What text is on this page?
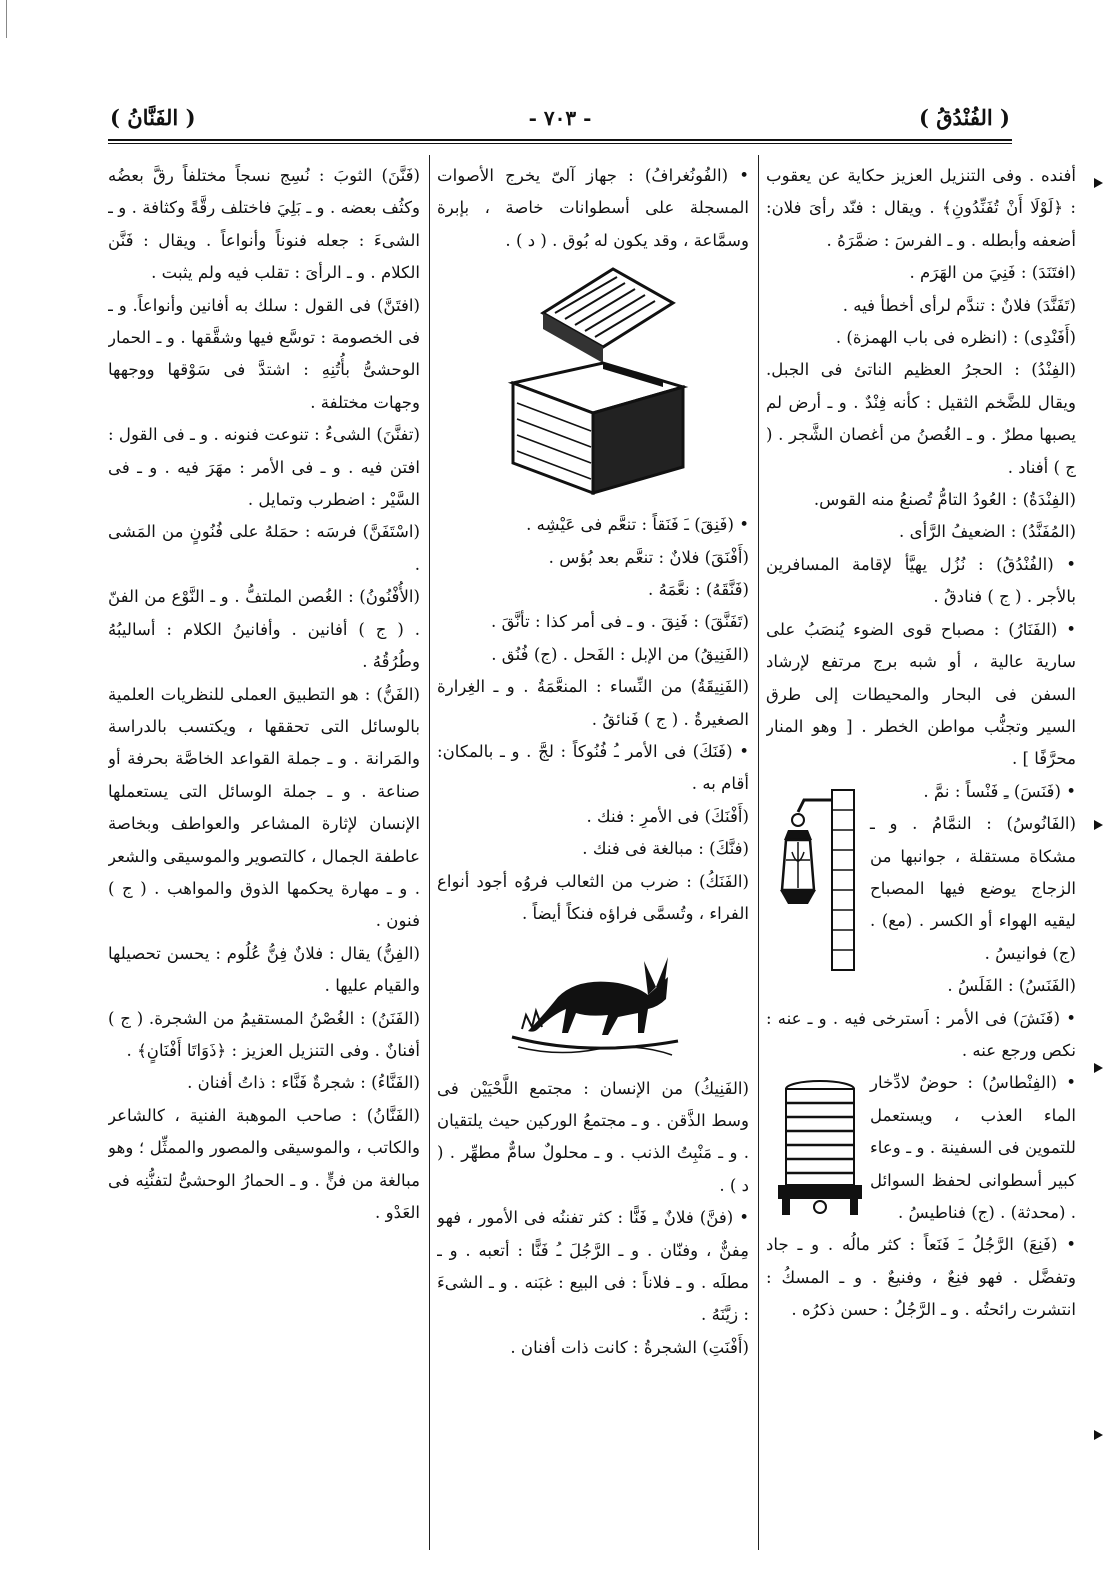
( الفُنْدُقُ )
- ٧٠٣ -
( الفَنَّانُ )

أفنده . وفى التنزيل العزيز حكاية عن يعقوب : ﴿لَوْلَا أَنْ تُفَنِّدُونِ﴾ . ويقال : فنّد رأىَ فلان: أضعفه وأبطله . و ـ الفرسَ : ضمَّرَهُ .

(افتَنَدَ) : فَنِيَ من الهَرَم .

(تَفَنَّدَ) فلانٌ : تندَّم لرأى أخطأ فيه .

(أَفَنْدِى) : (انظره فى باب الهمزة) .

(الفِنْدُ) : الحجرُ العظيم الناتئ فى الجبل. ويقال للضَّخم الثقيل : كأنه فِنْدٌ . و ـ أرض لم يصبها مطرٌ . و ـ الغُصنُ من أغصان الشَّجر . ( ج ) أفناد .

(الفِنْدَةُ) : العُودُ التامُّ تُصنعُ منه القوس.

(المُفَنَّدُ) : الضعيفُ الرَّأى .

• (الفُنْدُقُ) : نُزُل يهيَّأ لإقامة المسافرين بالأجر . ( ج ) فنادقُ .

• (الفَنَارُ) : مصباح قوى الضوء يُنصَبُ على سارية عالية ، أو شبه برج مرتفع لإرشاد السفن فى البحار والمحيطات إلى طرق السير وتجنُّب مواطن الخطر . [ وهو المنار محرَّفًا ] .

• (فَنَسَ) ـِ فَنْساً : نمَّ .

(الفَانُوسُ) : النمَّامُ . و ـ مشكاة مستقلة ، جوانبها من الزجاج يوضع فيها المصباح ليقيه الهواء أو الكسر . (مع) . (ج) فوانيسُ .

(الفَنَسُ) : الفَلَسُ .

• (فَنَشَ) فى الأمر : اَسترخى فيه . و ـ عنه : نكص ورجع عنه .

• (الفِنْطاسُ) : حوضٌ لادِّخار الماء العذب ، ويستعمل للتموين فى السفينة . و ـ وعاء كبير أسطوانى لحفظ السوائل . (محدثة) . (ج) فناطيسُ .

• (فَنِعَ) الرَّجُلُ ـَ فَنَعاً : كثر مالُه . و ـ جاد وتفضَّل . فهو فنِعٌ ، وفنيعٌ . و ـ المسكُ : انتشرت رائحتُه . و ـ الرَّجُلُ : حسن ذكرُه .

• (الفُونُغرافُ) : جهاز آلىّ يخرج الأصوات المسجلة على أسطوانات خاصة ، بإبرة وسمَّاعة ، وقد يكون له بُوق . ( د ) .

• (فَنِقَ) ـَ فَنَقاً : تنعَّم فى عَيْشِه .

(أَفْنَقَ) فلانٌ : تنعَّم بعد بُؤس .

(فَنَّقَهُ) : نعَّمَهُ .

(تَفَنَّقَ) : فَنِقَ . و ـ فى أمر كذا : تأنَّقَ .

(الفَنِيقُ) من الإبل : الفَحل . (ج) فُنُق .

(الفَنِيقَةُ) من النِّساء : المنعَّمَةُ . و ـ الغِرارة الصغيرةُ . ( ج ) فَنائقُ .

• (فَنَكَ) فى الأمر ـُ فُنُوكاً : لجَّ . و ـ بالمكان: أقام به .

(أَفْنَكَ) فى الأمرِ : فنك .

(فنَّكَ) : مبالغة فى فنك .

(الفَنَكُ) : ضرب من الثعالب فروُه أجود أنواع الفراء ، وتُسمَّى فراؤه فنكاً أيضاً .

(الفَنِيكُ) من الإنسان : مجتمع اللَّحْيَيْن فى وسط الذَّقن . و ـ مجتمعُ الوركين حيث يلتقيان . و ـ مَنْبِتُ الذنب . و ـ محلولٌ سامٌّ مطهِّر . ( د ) .

• (فنَّ) فلانٌ ـِ فَنًّا : كثر تفننُه فى الأمور ، فهو مِفنٌّ ، وفنّان . و ـ الرَّجُلَ ـُ فَنًّا : أتعبه . و ـ مطلَه . و ـ فلاناً : فى البيع : غبَنه . و ـ الشىءَ : زيَّنَهُ .

(أَفْنَتِ) الشجرةُ : كانت ذات أفنان .

(فَنَّنَ) الثوبَ : نُسِج نسجاً مختلفاً رقَّ بعضُه وكثُف بعضه . و ـ بَلِيَ فاختلف رقَّةً وكثافة . و ـ الشىءَ : جعله فنوناً وأنواعاً . ويقال : فَنَّن الكلام . و ـ الرأىَ : تقلب فيه ولم يثبت .

(افتَنَّ) فى القول : سلك به أفانين وأنواعاً. و ـ فى الخصومة : توسَّع فيها وشقَّقها . و ـ الحمار الوحشىُّ بأُتُنِهِ : اشتدَّ فى سَوْقها ووجهها وجهات مختلفة .

(تفنَّنَ) الشىءُ : تنوعت فنونه . و ـ فى القول : افتن فيه . و ـ فى الأمر : مهَرَ فيه . و ـ فى السَّيْر : اضطرب وتمايل .

(اسْتَفَنَّ) فرسَه : حمَلهُ على فُنُونٍ من المَشى .

(الأُفْنُونُ) : الغُصن الملتفُّ . و ـ النَّوْع من الفنّ . ( ج ) أفانين . وأفانينُ الكلام : أساليبُهُ وطُرُقُهُ .

(الفَنُّ) : هو التطبيق العملى للنظريات العلمية بالوسائل التى تحققها ، ويكتسب بالدراسة والمَرانة . و ـ جملة القواعد الخاصَّة بحرفة أو صناعة . و ـ جملة الوسائل التى يستعملها الإنسان لإثارة المشاعر والعواطف وبخاصة عاطفة الجمال ، كالتصوير والموسيقى والشعر . و ـ مهارة يحكمها الذوق والمواهب . ( ج ) فنون .

(الفِنُّ) يقال : فلانٌ فِنُّ عُلُوم : يحسن تحصيلها والقيام عليها .

(الفَنَنُ) : الغُصْنُ المستقيمُ من الشجرة. ( ج ) أفنانٌ . وفى التنزيل العزيز : ﴿ذَوَاتَا أَفْنَانٍ﴾ .

(الفَنَّاءُ) : شجرةٌ فَنَّاء : ذاتُ أفنان .

(الفَنَّانُ) : صاحب الموهبة الفنية ، كالشاعر والكاتب ، والموسيقى والمصور والممثِّل ؛ وهو مبالغة من فنٍّ . و ـ الحمارُ الوحشىُّ لتفنُّنِه فى العَدْو .
